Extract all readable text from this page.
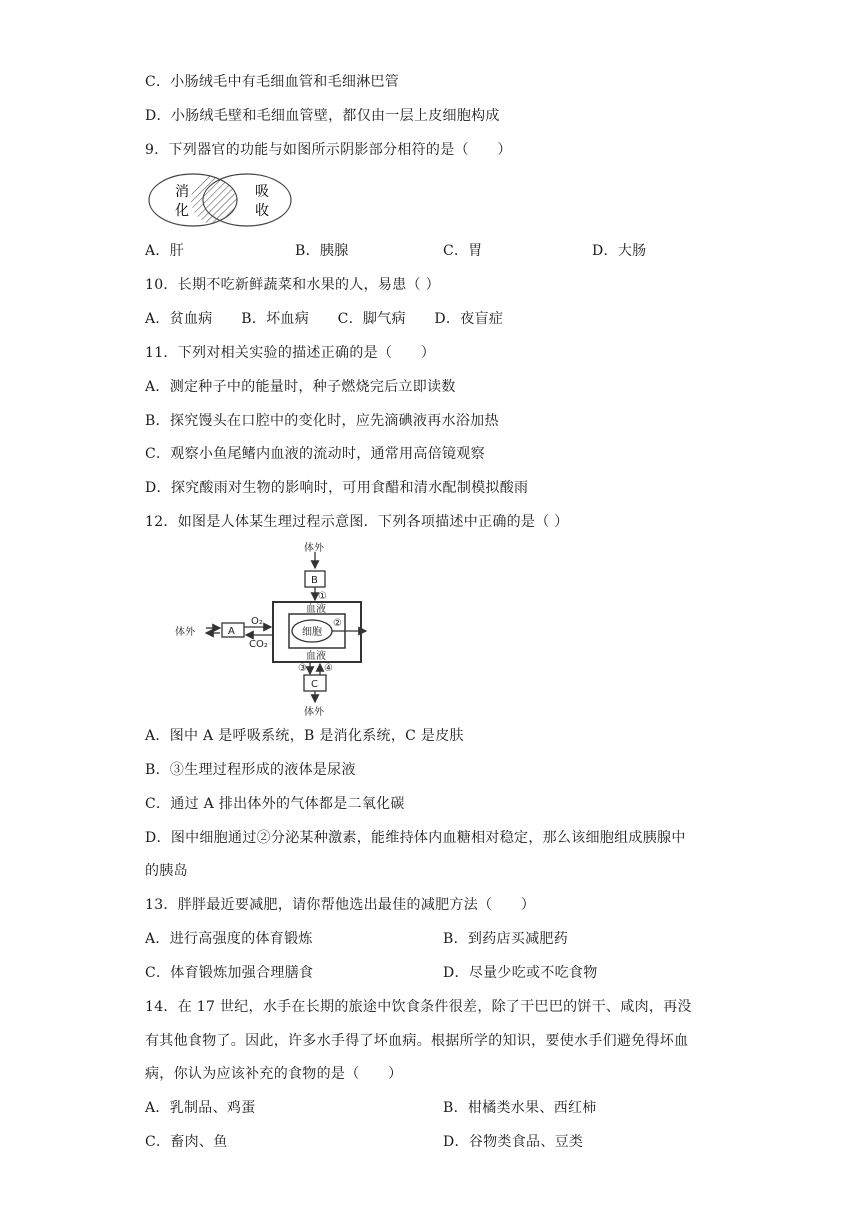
C．小肠绒毛中有毛细血管和毛细淋巴管
D．小肠绒毛壁和毛细血管壁，都仅由一层上皮细胞构成
9．下列器官的功能与如图所示阴影部分相符的是（　　）
消
化
吸
收
A．肝	B．胰腺	C．胃	D．大肠
10．长期不吃新鲜蔬菜和水果的人，易患（ ）
A．贫血病　　B．坏血病　　C．脚气病　　D．夜盲症
11．下列对相关实验的描述正确的是（　　）
A．测定种子中的能量时，种子燃烧完后立即读数
B．探究馒头在口腔中的变化时，应先滴碘液再水浴加热
C．观察小鱼尾鳍内血液的流动时，通常用高倍镜观察
D．探究酸雨对生物的影响时，可用食醋和清水配制模拟酸雨
12．如图是人体某生理过程示意图．下列各项描述中正确的是（ ）
体外
B
①
血液
细胞
②
体外	A
O₂
CO₂
血液
③ ④
C
体外
A．图中 A 是呼吸系统，B 是消化系统，C 是皮肤
B．③生理过程形成的液体是尿液
C．通过 A 排出体外的气体都是二氧化碳
D．图中细胞通过②分泌某种激素，能维持体内血糖相对稳定，那么该细胞组成胰腺中
的胰岛
13．胖胖最近要减肥，请你帮他选出最佳的减肥方法（　　）
A．进行高强度的体育锻炼	B．到药店买减肥药
C．体育锻炼加强合理膳食	D．尽量少吃或不吃食物
14．在 17 世纪，水手在长期的旅途中饮食条件很差，除了干巴巴的饼干、咸肉，再没
有其他食物了。因此，许多水手得了坏血病。根据所学的知识，要使水手们避免得坏血
病，你认为应该补充的食物的是（　　）
A．乳制品、鸡蛋	B．柑橘类水果、西红柿
C．畜肉、鱼	D．谷物类食品、豆类
